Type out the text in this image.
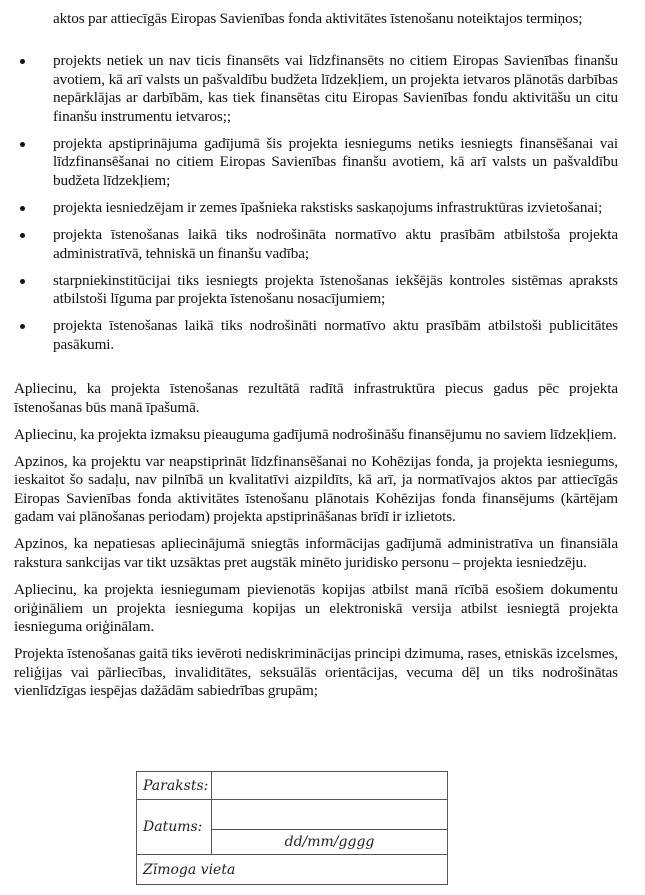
aktos par attiecīgās Eiropas Savienības fonda aktivitātes īstenošanu noteiktajos termiņos;
projekts netiek un nav ticis finansēts vai līdzfinansēts no citiem Eiropas Savienības finanšu avotiem, kā arī valsts un pašvaldību budžeta līdzekļiem, un projekta ietvaros plānotās darbības nepārklājas ar darbībām, kas tiek finansētas citu Eiropas Savienības fondu aktivitāšu un citu finanšu instrumentu ietvaros;;
projekta apstiprinājuma gadījumā šis projekta iesniegums netiks iesniegts finansēšanai vai līdzfinansēšanai no citiem Eiropas Savienības finanšu avotiem, kā arī valsts un pašvaldību budžeta līdzekļiem;
projekta iesniedzējam ir zemes īpašnieka rakstisks saskaņojums infrastruktūras izvietošanai;
projekta īstenošanas laikā tiks nodrošināta normatīvo aktu prasībām atbilstoša projekta administratīvā, tehniskā un finanšu vadība;
starpniekinstitūcijai tiks iesniegts projekta īstenošanas iekšējās kontroles sistēmas apraksts atbilstoši līguma par projekta īstenošanu nosacījumiem;
projekta īstenošanas laikā tiks nodrošināti normatīvo aktu prasībām atbilstoši publicitātes pasākumi.

Apliecinu, ka projekta īstenošanas rezultātā radītā infrastruktūra piecus gadus pēc projekta īstenošanas būs manā īpašumā.

Apliecinu, ka projekta izmaksu pieauguma gadījumā nodrošināšu finansējumu no saviem līdzekļiem.

Apzinos, ka projektu var neapstiprināt līdzfinansēšanai no Kohēzijas fonda, ja projekta iesniegums, ieskaitot šo sadaļu, nav pilnībā un kvalitatīvi aizpildīts, kā arī, ja normatīvajos aktos par attiecīgās Eiropas Savienības fonda aktivitātes īstenošanu plānotais Kohēzijas fonda finansējums (kārtējam gadam vai plānošanas periodam) projekta apstiprināšanas brīdī ir izlietots.

Apzinos, ka nepatiesas apliecinājumā sniegtās informācijas gadījumā administratīva un finansiāla rakstura sankcijas var tikt uzsāktas pret augstāk minēto juridisko personu – projekta iesniedzēju.

Apliecinu, ka projekta iesniegumam pievienotās kopijas atbilst manā rīcībā esošiem dokumentu oriģināliem un projekta iesnieguma kopijas un elektroniskā versija atbilst iesniegtā projekta iesnieguma oriģinālam.

Projekta īstenošanas gaitā tiks ievēroti nediskriminācijas principi dzimuma, rases, etniskās izcelsmes, reliģijas vai pārliecības, invaliditātes, seksuālās orientācijas, vecuma dēļ un tiks nodrošinātas vienlīdzīgas iespējas dažādām sabiedrības grupām;

Paraksts:	
Datums:	
	dd/mm/gggg
Zīmoga vieta	
